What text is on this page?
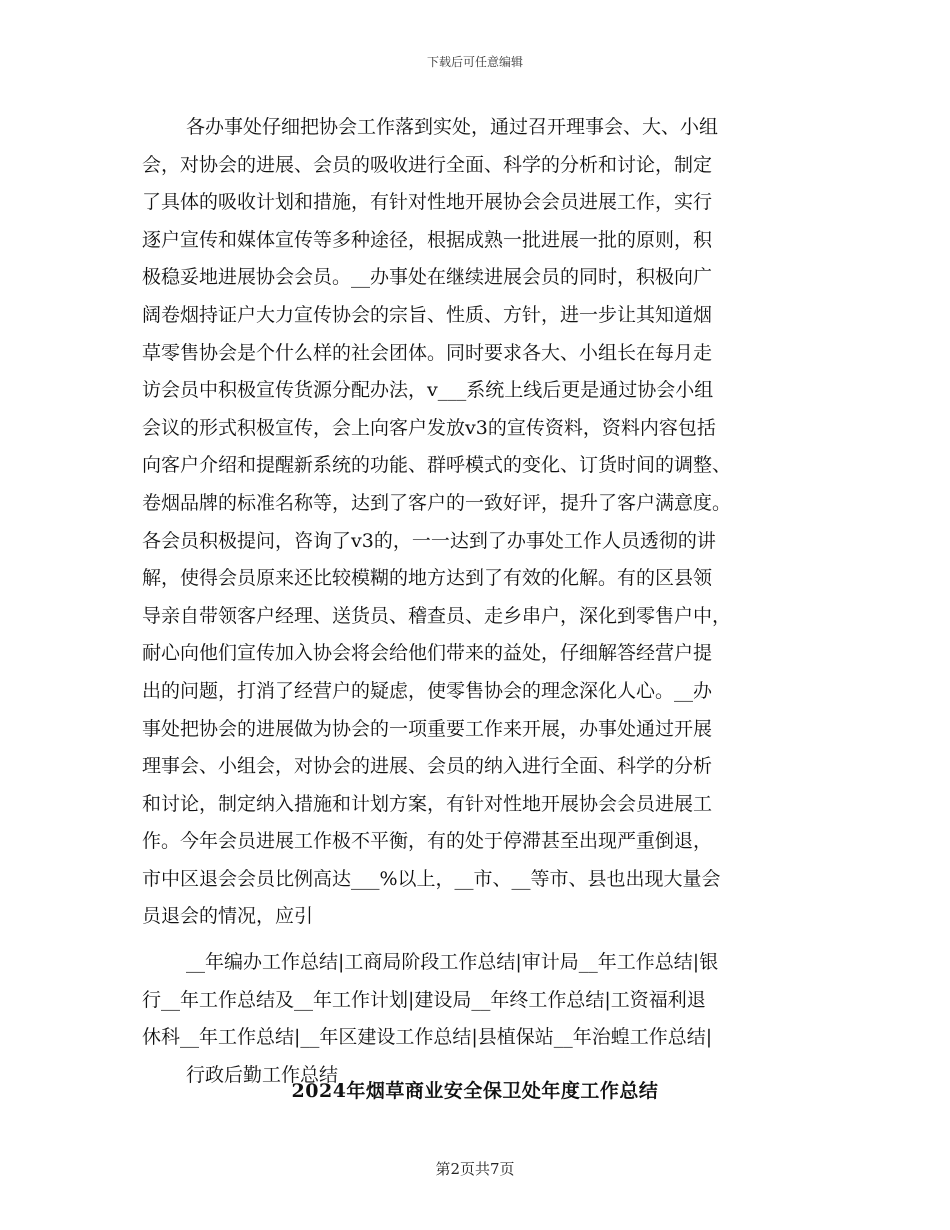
下载后可任意编辑
各办事处仔细把协会工作落到实处，通过召开理事会、大、小组
会，对协会的进展、会员的吸收进行全面、科学的分析和讨论，制定
了具体的吸收计划和措施，有针对性地开展协会会员进展工作，实行
逐户宣传和媒体宣传等多种途径，根据成熟一批进展一批的原则，积
极稳妥地进展协会会员。__办事处在继续进展会员的同时，积极向广
阔卷烟持证户大力宣传协会的宗旨、性质、方针，进一步让其知道烟
草零售协会是个什么样的社会团体。同时要求各大、小组长在每月走
访会员中积极宣传货源分配办法，v___系统上线后更是通过协会小组
会议的形式积极宣传，会上向客户发放v3的宣传资料，资料内容包括
向客户介绍和提醒新系统的功能、群呼模式的变化、订货时间的调整、
卷烟品牌的标准名称等，达到了客户的一致好评，提升了客户满意度。
各会员积极提问，咨询了v3的，一一达到了办事处工作人员透彻的讲
解，使得会员原来还比较模糊的地方达到了有效的化解。有的区县领
导亲自带领客户经理、送货员、稽查员、走乡串户，深化到零售户中，
耐心向他们宣传加入协会将会给他们带来的益处，仔细解答经营户提
出的问题，打消了经营户的疑虑，使零售协会的理念深化人心。__办
事处把协会的进展做为协会的一项重要工作来开展，办事处通过开展
理事会、小组会，对协会的进展、会员的纳入进行全面、科学的分析
和讨论，制定纳入措施和计划方案，有针对性地开展协会会员进展工
作。今年会员进展工作极不平衡，有的处于停滞甚至出现严重倒退，
市中区退会会员比例高达___%以上，__市、__等市、县也出现大量会
员退会的情况，应引
__年编办工作总结|工商局阶段工作总结|审计局__年工作总结|银
行__年工作总结及__年工作计划|建设局__年终工作总结|工资福利退
休科__年工作总结|__年区建设工作总结|县植保站__年治蝗工作总结|
行政后勤工作总结
2024年烟草商业安全保卫处年度工作总结
第2页共7页
